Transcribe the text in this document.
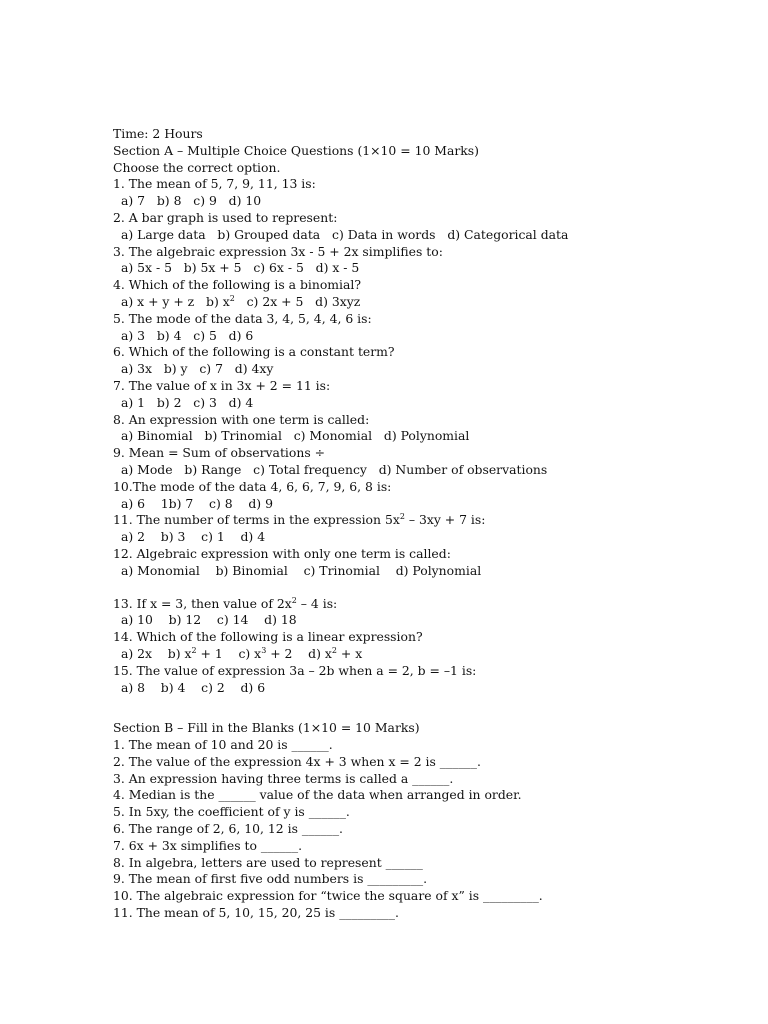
Time: 2 Hours
Section A – Multiple Choice Questions (1×10 = 10 Marks)
Choose the correct option.
1. The mean of 5, 7, 9, 11, 13 is:
a) 7   b) 8   c) 9   d) 10
2. A bar graph is used to represent:
a) Large data   b) Grouped data   c) Data in words   d) Categorical data
3. The algebraic expression 3x - 5 + 2x simplifies to:
a) 5x - 5   b) 5x + 5   c) 6x - 5   d) x - 5
4. Which of the following is a binomial?
a) x + y + z   b) $x^2$   c) 2x + 5   d) 3xyz
5. The mode of the data 3, 4, 5, 4, 4, 6 is:
a) 3   b) 4   c) 5   d) 6
6. Which of the following is a constant term?
a) 3x   b) y   c) 7   d) 4xy
7. The value of x in 3x + 2 = 11 is:
a) 1   b) 2   c) 3   d) 4
8. An expression with one term is called:
a) Binomial   b) Trinomial   c) Monomial   d) Polynomial
9. Mean = Sum of observations ÷
a) Mode   b) Range   c) Total frequency   d) Number of observations
10.The mode of the data 4, 6, 6, 7, 9, 6, 8 is:
a) 6    1b) 7    c) 8    d) 9
11. The number of terms in the expression $5x^2 - 3xy + 7$ is:
a) 2    b) 3    c) 1    d) 4
12. Algebraic expression with only one term is called:
a) Monomial    b) Binomial    c) Trinomial    d) Polynomial
13. If x = 3, then value of $2x^2 - 4$ is:
a) 10    b) 12    c) 14    d) 18
14. Which of the following is a linear expression?
a) 2x    b) $x^2 + 1$    c) $x^3 + 2$    d) $x^2 + x$
15. The value of expression 3a – 2b when a = 2, b = –1 is:
a) 8    b) 4    c) 2    d) 6
Section B – Fill in the Blanks (1×10 = 10 Marks)
1. The mean of 10 and 20 is ______.
2. The value of the expression 4x + 3 when x = 2 is ______.
3. An expression having three terms is called a ______.
4. Median is the ______ value of the data when arranged in order.
5. In 5xy, the coefficient of y is ______.
6. The range of 2, 6, 10, 12 is ______.
7. 6x + 3x simplifies to ______.
8. In algebra, letters are used to represent ______
9. The mean of first five odd numbers is _________.
10. The algebraic expression for “twice the square of x” is _________.
11. The mean of 5, 10, 15, 20, 25 is _________.
